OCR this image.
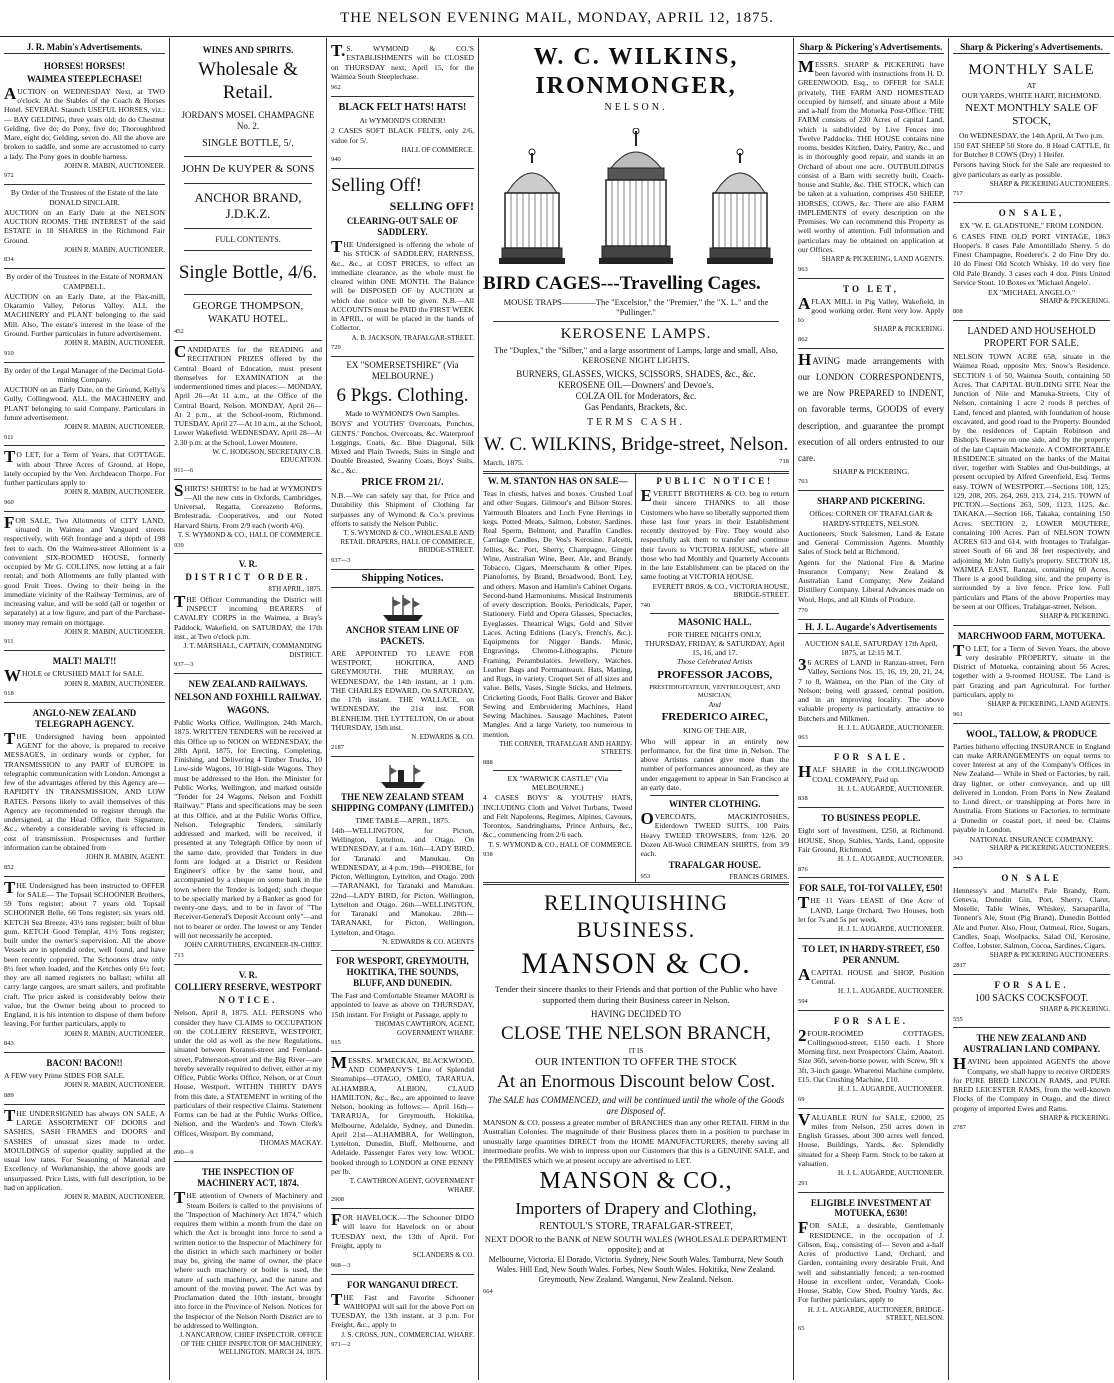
THE NELSON EVENING MAIL, MONDAY, APRIL 12, 1875.
J. R. Mabin's Advertisements.
HORSES! HORSES!
WAIMEA STEEPLECHASE!

AUCTION on WEDNESDAY Next, at TWO o'clock. At the Stables of the Coach & Horses Hotel. SEVERAL Staunch USEFUL HORSES, viz.:— BAY GELDING, three years old; do do Chestnut Gelding, five do; do Pony, five do; Thoroughbred Mare, eight do; Gelding, seven do. All the above are broken to saddle, and some are accustomed to carry a lady. The Pony goes in double harness.

JOHN R. MABIN, AUCTIONEER.
972
By Order of the Trustees of the Estate of the late DONALD SINCLAIR.

AUCTION on an Early Date at the NELSON AUCTION ROOMS. THE INTEREST of the said ESTATE in 18 SHARES in the Richmond Fair Ground.

JOHN R. MABIN, AUCTIONEER.
834
By order of the Trustees in the Estate of NORMAN CAMPBELL.

AUCTION on an Early Date, at the Flax-mill, Okaramio Valley, Pelorus Valley. ALL the MACHINERY and PLANT belonging to the said Mill. Also, The estate's interest in the lease of the Ground. Further particulars in future advertisement.

JOHN R. MABIN, AUCTIONEER.
910
By order of the Legal Manager of the Decimal Gold-mining Company.

AUCTION on an Early Date, on the Ground, Kelly's Gully, Collingwood. ALL the MACHINERY and PLANT belonging to said Company. Particulars in future advertisement.

JOHN R. MABIN, AUCTIONEER.
911

TO LET, for a Term of Years, that COTTAGE, with about Three Acres of Ground, at Hope, lately occupied by the Ven. Archdeacon Thorpe. For further particulars apply to

JOHN R. MABIN, AUCTIONEER.
960

FOR SALE, Two Allotments of CITY LAND, situated in Waimea and Vanguard streets respectively, with 66ft frontage and a depth of 198 feet to each. On the Waimea-street Allotment is a convenient SIX-ROOMED HOUSE, formerly occupied by Mr G. COLLINS, now letting at a fair rental; and both Allotments are fully planted with good Fruit Trees. Owing to their being in the immediate vicinity of the Railway Terminus, are of increasing value, and will be sold (all or together or separately) at a low figure, and part of the Purchase-money may remain on mortgage.

JOHN R. MABIN, AUCTIONEER.
911
MALT! MALT!!

WHOLE or CRUSHED MALT for SALE.

JOHN R. MABIN, AUCTIONEER.
918
ANGLO-NEW ZEALAND TELEGRAPH AGENCY.

THE Undersigned having been appointed AGENT for the above, is prepared to receive MESSAGES, in ordinary words or cypher, for TRANSMISSION to any PART of EUROPE in telegraphic communication with London. Amongst a few of the advantages offered by this Agency are— RAPIDITY IN TRANSMISSION, AND LOW RATES. Persons likely to avail themselves of this Agency are recommended to register through the undersigned, at the Head Office, their Signature, &c., whereby a considerable saving is effected in cost of transmission. Prospectuses and further information can be obtained from

JOHN R. MABIN, AGENT.
852

THE Undersigned has been instructed to OFFER for SALE— The Topsail SCHOONER Brothers, 59 Tons register; about 7 years old. Topsail SCHOONER Belle, 66 Tons register; six years old. KETCH Sea Breeze, 43½ tons register; built of blue gum. KETCH Good Templar, 41½ Tons register; built under the owner's supervision. All the above Vessels are in splendid order, well found, and have been recently coppered. The Schooners draw only 8½ feet when loaded, and the Ketches only 6½ feet; they are all named registers no ballast; whilst all carry large cargoes, are smart sailers, and profitable craft. The price asked is considerably below their value, but the Owner being about to proceed to England, it is his intention to dispose of them before leaving. For further particulars, apply to

JOHN R. MABIN, AUCTIONEER.
843
BACON! BACON!!

A FEW very Prime SIDES FOR SALE.

JOHN R. MABIN, AUCTIONEER.
889

THE UNDERSIGNED has always ON SALE, A LARGE ASSORTMENT OF DOORS and SASHES, SASH FRAMES and DOORS and SASHES of unusual sizes made to order. MOULDINGS of superior quality supplied at the usual low rates. For Seasoning of Material and Excellency of Workmanship, the above goods are unsurpassed. Price Lists, with full description, to be had on application.

JOHN R. MABIN, AUCTIONEER.
WINES AND SPIRITS.
Wholesale & Retail.
JORDAN'S MOSEL CHAMPAGNE No. 2.
SINGLE BOTTLE, 5/.
JOHN De KUYPER & SONS
ANCHOR BRAND, J.D.K.Z.
FULL CONTENTS.
Single Bottle, 4/6.
GEORGE THOMPSON,
WAKATU HOTEL.
452

CANDIDATES for the READING and RECITATION PRIZES offered by the Central Board of Education, must present themselves for EXAMINATION at the undermentioned times and places:— MONDAY, April 26—At 11 a.m., at the Office of the Central Board, Nelson. MONDAY, April 26—At 2 p.m., at the School-room, Richmond. TUESDAY, April 27—At 10 a.m., at the School, Lower Wakefield. WEDNESDAY, April 28—At 2.30 p.m. at the School, Lower Moutere.

W. C. HODGSON, SECRETARY C.B. EDUCATION.
911—6

SHIRTS! SHIRTS! to be had at WYMOND'S—All the new cuts in Oxfords, Cambridges, Universal, Regatta, Coreazeno Reforms, Brolestrada, Cooperatives, and our Noted Harvard Shirts. From 2/9 each (worth 4/6).

T. S. WYMOND & CO., HALL OF COMMERCE.
939
V. R.
DISTRICT ORDER.
8TH APRIL, 1875.

THE Officer Commanding the District will INSPECT incoming BEARERS of CAVALRY CORPS in the Waimea, a Bray's Paddock, Wakefield, on SATURDAY, the 17th inst., at Two o'clock p.m.

J. T. MARSHALL, CAPTAIN, COMMANDING DISTRICT.
937—3
NEW ZEALAND RAILWAYS.
NELSON AND FOXHILL RAILWAY.
WAGONS.

Public Works Office, Wellington, 24th March, 1875. WRITTEN TENDERS will be received at this Office up to NOON on WEDNESDAY, the 28th April, 1875, for Erecting, Completing, Finishing, and Delivering 4 Timber Trucks, 10 Low-side Wagons, 10 High-side Wagons. They must be addressed to the Hon. the Minister for Public Works, Wellington, and marked outside "Tender for 24 Wagons, Nelson and Foxhill Railway." Plans and specifications may be seen at this Office, and at the Public Works Office, Nelson. Telegraphic Tenders, similarly addressed and marked, will be received, if presented at any Telegraph Office by noon of the same date, provided that Tenders in due form are lodged at a District or Resident Engineer's office by the same hour, and accompanied by a cheque on some bank in the town where the Tender is lodged; such cheque to be specially marked by a Banker as good for twenty-one days, and to be in favor of "The Receiver-General's Deposit Account only"—and not to bearer or order. The lowest or any Tender will not necessarily be accepted.

JOHN CARRUTHERS, ENGINEER-IN-CHIEF.
713
V. R.
COLLIERY RESERVE, WESTPORT
NOTICE.

Nelson, April 8, 1875. ALL PERSONS who consider they have CLAIMS to OCCUPATION on the COLLIERY RESERVE, WESTPORT, under the old as well as the new Regulations, situated between Koranui-street and Fernland-street, Palmerston-street and the Big River—are hereby severally required to deliver, either at my Office, Public Works Office, Nelson, or at Court House, Westport, WITHIN THIRTY DAYS from this date, a STATEMENT in writing of the particulars of their respective Claims. Statement Forms can be had at the Public Works Office, Nelson, and the Warden's and Town Clerk's Offices, Westport. By command,

THOMAS MACKAY.
890—9
THE INSPECTION OF MACHINERY ACT, 1874.

THE attention of Owners of Machinery and Steam Boilers is called to the provisions of the "Inspection of Machinery Act 1874," which requires them within a month from the date on which the Act is brought into force to send a written notice to the Inspector of Machinery for the district in which such machinery or boiler may be, giving the name of owner, the place where such machinery or boiler is used, the nature of such machinery, and the nature and amount of the moving power. The Act was by Proclamation dated the 10th instant, brought into force in the Province of Nelson. Notices for the Inspector of the Nelson North District are to be addressed to Wellington.

J. NANCARROW, CHIEF INSPECTOR. OFFICE OF THE CHIEF INSPECTOR OF MACHINERY, WELLINGTON, MARCH 24, 1875.

T.S. WYMOND & CO.'S ESTABLISHMENTS will be CLOSED on THURSDAY next, April 15, for the Waimea South Steeplechase.

962
BLACK FELT HATS! HATS!
At WYMOND'S CORNER!

2 CASES SOFT BLACK FELTS, only 2/6, value for 5/.

HALL OF COMMERCE.
940
Selling Off!
SELLING OFF!
CLEARING-OUT SALE OF SADDLERY.

THE Undersigned is offering the whole of his STOCK of SADDLERY, HARNESS, &c., &c., at COST PRICES, to effect an immediate clearance, as the whole must be cleared within ONE MONTH. The Balance will be DISPOSED OF by AUCTION at which due notice will be given. N.B.—All ACCOUNTS must be PAID the FIRST WEEK in APRIL, or will be placed in the hands of Collector.

A. B. JACKSON, TRAFALGAR-STREET.
729
EX "SOMERSETSHIRE" (Via MELBOURNE.)
6 Pkgs. Clothing.
Made to WYMOND'S Own Samples.

BOYS' and YOUTHS' Overcoats, Ponchos, GENTS.' Ponchos, Overcoats, &c. Waterproof Leggings, Coats, &c. Blue Diagonal, Silk Mixed and Plain Tweeds, Suits in Single and Double Breasted, Swanny Coats, Boys' Suits, &c., &c.

PRICE FROM 21/.

N.B.—We can safely say that, for Price and Durability this Shipment of Clothing far surpasses any of Wymond & Co.'s previous efforts to satisfy the Nelson Public.

T. S. WYMOND & CO., WHOLESALE AND RETAIL DRAPERS, HALL OF COMMERCE, BRIDGE-STREET.
937—3
Shipping Notices.
ANCHOR STEAM LINE OF PACKETS.

ARE APPOINTED TO LEAVE FOR WESTPORT, HOKITIKA, AND GREYMOUTH. THE MURRAY, on WEDNESDAY, the 14th instant, at 1 p.m. THE CHARLES EDWARD, On SATURDAY, the 17th instant. THE WALLACE, on WEDNESDAY, the 21st inst. FOR BLENHEIM. THE LYTTELTON, On or about THURSDAY, 15th inst.

N. EDWARDS & CO.
2187
THE NEW ZEALAND STEAM SHIPPING COMPANY (LIMITED.)
TIME TABLE—APRIL, 1875.

14th—WELLINGTON, for Picton, Wellington, Lyttelton, and Otago. On WEDNESDAY, at 1 a.m. 16th—LADY BIRD, for Taranaki and Manukau. On WEDNESDAY, at 4 p.m. 19th—PHOEBE, for Picton, Wellington, Lyttelton, and Otago. 20th—TARANAKI, for Taranaki and Manukau. 22nd—LADY BIRD, for Picton, Wellington, Lyttelton and Otago. 26th—WELLINGTON, for Taranaki and Manukau. 28th—TARANAKI, for Picton, Wellington, Lyttelton, and Otago.

N. EDWARDS & CO. AGENTS
FOR WESPORT, GREYMOUTH, HOKITIKA, THE SOUNDS, BLUFF, AND DUNEDIN.

The Fast and Comfortable Steamer MAORI is appointed to leave as above on THURSDAY, 15th instant. For Freight or Passage, apply to

THOMAS CAWTHRON, AGENT, GOVERNMENT WHARF.
915

MESSRS. M'MECKAN, BLACKWOOD, AND COMPANY'S Line of Splendid Steamships—OTAGO, OMEO, TARARUA, ALHAMBRA, ALBION, CLAUD HAMILTON, &c., &c., are appointed to leave Nelson, booking as follows:— April 16th—TARARUA, for Greymouth, Hokitika, Melbourne, Adelaide, Sydney, and Dunedin. April 21st—ALHAMBRA, for Wellington, Lyttelton, Dunedin, Bluff, Melbourne, and Adelaide. Passenger Fares very low. WOOL booked through to LONDON at ONE PENNY per lb.

T. CAWTHRON AGENT, GOVERNMENT WHARF.
2908

FOR HAVELOCK.—The Schooner DIDO will leave for Havelock on or about TUESDAY next, the 13th of April. For Freight, apply to

SCLANDERS & CO.
968—3
FOR WANGANUI DIRECT.

THE Fast and Favorite Schooner WAIHOPAI will sail for the above Port on TUESDAY, the 13th instant, at 3 p.m. For Freight, &c., apply to

J. S. CROSS, JUN., COMMERCIAL WHARF.
971—2
W. C. WILKINS, IRONMONGER,
NELSON.
BIRD CAGES---Travelling Cages.
MOUSE TRAPS————The "Excelsior," the "Premier," the "X. L." and the "Pullinger."
KEROSENE LAMPS.
The "Duplex," the "Silber," and a large assortment of Lamps, large and small, Also, KEROSENE NIGHT LIGHTS.
BURNERS, GLASSES, WICKS, SCISSORS, SHADES, &c., &c.
KEROSENE OIL—Downers' and Devoe's.
COLZA OIL for Moderators, &c.
Gas Pendants, Brackets, &c.
TERMS CASH.
W. C. WILKINS, Bridge-street, Nelson.
March, 1875.	718
W. M. STANTON HAS ON SALE—

Teas in chests, halves and boxes. Crushed Loaf and other Sugars. Gilmour's and Bilson Stores. Yarmouth Bloaters and Loch Fyne Herrings in kegs. Potted Meats, Salmon, Lobster, Sardines. Real Sperm, Belmont, and Paraffin Candles. Carriage Candles, De Vos's Kerosine. Falcetti, Jellies, &c. Port, Sherry, Champagne, Ginger Wine, Australian Wine, Beer, Ale, and Brandy. Tobacco, Cigars, Meerschaum & other Pipes. Pianofortes, by Brand, Broadwood, Bord, Ley, and others. Mason and Hamlin's Cabinet Organs. Second-hand Harmoniums. Musical Instruments of every description. Books, Periodicals, Paper, Stationery. Field and Opera Glasses, Spectacles, Eyeglasses. Theatrical Wigs, Gold and Silver Laces. Acting Editions (Lacy's, French's, &c.). Equipments for Nigger Bands. Music, Engravings, Chromo-Lithographs. Picture Framing, Perambulators. Jewellery, Watches. Leather Bags and Portmanteaux. Hats, Matting, and Rugs, in variety. Croquet Set of all sizes and value. Bells, Vases, Single Sticks, and Helmets. Cricketing Goods, Foot Balls. Grover and Baker Sewing and Embroidering Machines, Hand Sewing Machines. Sausage Machines, Patent Mangles. And a large Variety, too numerous to mention.

THE CORNER, TRAFALGAR AND HARDY-STREETS.
888
EX "WARWICK CASTLE" (Via MELBOURNE.)

4 CASES BOYS' & YOUTHS' HATS, INCLUDING Cloth and Velvet Turbans, Tweed and Felt Napoleons, Regimes, Alpines, Cavours, Torontos, Sandringhams, Prince Arthurs, &c., &c., commencing from 2/6 each.

T. S. WYMOND & CO., HALL OF COMMERCE.
938
PUBLIC NOTICE!

EVERETT BROTHERS & CO. beg to return their sincere THANKS to all those Customers who have so liberally supported them these last four years in their Establishment recently destroyed by Fire. They would also respectfully ask them to transfer and continue their favors to VICTORIA HOUSE, where all those who had Monthly and Quarterly Accounts in the late Establishment can be placed on the same footing at VICTORIA HOUSE.

EVERETT BROS. & CO., VICTORIA HOUSE, BRIDGE-STREET.
740
MASONIC HALL.
FOR THREE NIGHTS ONLY,
THURSDAY, FRIDAY, & SATURDAY, April 15, 16, and 17.
Those Celebrated Artists
PROFESSOR JACOBS,
PRESTIDIGITATEUR, VENTRILOQUIST, AND MUSICIAN,
And
FREDERICO AIREC,
KING OF THE AIR,

Who will appear in an entirely new performance, for the first time in Nelson. The above Artistes cannot give more than the number of performances announced, as they are under engagement to appear in San Francisco at an early date.

WINTER CLOTHING.

OVERCOATS, MACKINTOSHES, Eiderdown TWEED SUITS. 100 Pairs Heavy TWEED TROWSERS, from 12/6. 20 Dozen All-Wool CRIMEAN SHIRTS, from 3/9 each.

TRAFALGAR HOUSE.
953	FRANCIS GRIMES.
RELINQUISHING BUSINESS.
MANSON & CO.

Tender their sincere thanks to their Friends and that portion of the Public who have supported them during their Business career in Nelson.

HAVING DECIDED TO
CLOSE THE NELSON BRANCH,
IT IS
OUR INTENTION TO OFFER THE STOCK
At an Enormous Discount below Cost.

The SALE has COMMENCED, and will be continued until the whole of the Goods are Disposed of.

MANSON & CO. possess a greater number of BRANCHES than any other RETAIL FIRM in the Australian Colonies. The magnitude of their Business places them in a position to purchase in unusually large quantities DIRECT from the HOME MANUFACTURERS, thereby saving all intermediate profits. We wish to impress upon our Customers that this is a GENUINE SALE, and the PREMISES which we at present occupy are advertised to LET.

MANSON & CO.,
Importers of Drapery and Clothing,
RENTOUL'S STORE, TRAFALGAR-STREET,
NEXT DOOR to the BANK of NEW SOUTH WALES (WHOLESALE DEPARTMENT opposite); and at

Melbourne, Victoria. El Dorado, Victoria. Sydney, New South Wales. Tamburra, New South Wales. Hill End, New South Wales. Forbes, New South Wales. Hokitika, New Zealand. Greymouth, New Zealand. Wanganui, New Zealand. Nelson.

664
Sharp & Pickering's Advertisements.

MESSRS. SHARP & PICKERING have been favored with instructions from H. D. GREENWOOD, Esq., to OFFER for SALE privately, THE FARM AND HOMESTEAD occupied by himself, and situate about a Mile and a-half from the Motueka Post-Office. THE FARM consists of 230 Acres of capital Land, which is subdivided by Live Fences into Twelve Paddocks. THE HOUSE contains nine rooms, besides Kitchen, Dairy, Pantry, &c., and is in thoroughly good repair, and stands in an Orchard of about one acre. OUTBUILDINGS consist of a Barn with secretly built, Coach-house and Stable, &c. THE STOCK, which can be taken at a valuation, comprises 450 SHEEP, HORSES, COWS, &c. There are also FARM IMPLEMENTS of every description on the Premises. We can recommend this Property as well worthy of attention. Full information and particulars may be obtained on application at our Offices.

SHARP & PICKERING, LAND AGENTS.
963
TO LET,

AFLAX MILL in Pig Valley, Wakefield, in good working order. Rent very low. Apply to

SHARP & PICKERING.
862

HAVING made arrangements with our LONDON CORRESPONDENTS, we are Now PREPARED to INDENT, on favorable terms, GOODS of every description, and guarantee the prompt execution of all orders entrusted to our care.

SHARP & PICKERING.
763
SHARP AND PICKERING.
Offices: CORNER OF TRAFALGAR & HARDY-STREETS, NELSON.

Auctioneers, Stock Salesmen, Land & Estate and General Commission Agents. Monthly Sales of Stock held at Richmond.

Agents for the National Fire & Marine Insurance Company; New Zealand & Australian Land Company; New Zealand Distillery Company. Liberal Advances made on Wool, Hops, and all Kinds of Produce.

770
H. J. L. Augarde's Advertisements
AUCTION SALE, SATURDAY 17th April, 1875, at 12:15 M.T.

36 ACRES of LAND in Ranzau-street, Fern Valley, Sections Nos. 15, 16, 19, 20, 21, 24, 7 to 8, Waimea, on the Plan of the City of Nelson; being well grassed, central position, and in an improving locality. The above valuable property is particularly attractive to Butchers and Milkmen.

H. J. L. AUGARDE, AUCTIONEER.
963
FOR SALE.

HALF SHARE in the COLLINGWOOD COAL COMPANY, Paid up.

H. J. L. AUGARDE, AUCTIONEER.
838
TO BUSINESS PEOPLE.

Eight sort of Investment, £250, at Richmond. HOUSE, Shop, Stables, Yards, Land, opposite Fair Ground, Richmond.

H. J. L. AUGARDE, AUCTIONEER.
876
FOR SALE, TOI-TOI VALLEY, £50!

THE 11 Years LEASE of One Acre of LAND, Large Orchard, Two Houses, both let for 7s and 5s per week.

H. J. L. AUGARDE, AUCTIONEER.
TO LET, IN HARDY-STREET, £50 PER ANNUM.

ACAPITAL HOUSE and SHOP, Position Central.

H. J. L. AUGARDE, AUCTIONEER.
594
FOR SALE.

2FOUR-ROOMED COTTAGES, Collingwood-street, £150 each. 1 Shore Morning first, next Prospectors' Claim, Anatori. Size 36ft, seven-horse power, with Screw, 9ft x 3ft, 3-inch gauge. Wharenui Machine complete, £15. Oat Crushing Machine, £10.

H. J. L. AUGARDE, AUCTIONEER.
69

VALUABLE RUN for SALE, £2000, 25 miles from Nelson, 250 acres down in English Grasses, about 300 acres well fenced, House, Buildings, Yards, &c. Splendidly situated for a Sheep Farm. Stock to be taken at valuation.

H. J. L. AUGARDE, AUCTIONEER.
291
ELIGIBLE INVESTMENT AT MOTUEKA, £630!

FOR SALE, a desirable, Gentlemanly RESIDENCE, in the occupation of J. Gibson, Esq., consisting of— Seven and a-half Acres of productive Land, Orchard, and Garden, containing every desirable Fruit, And well and substantially fenced; a ten-roomed House in excellent order, Verandah, Cook-House, Stable, Cow Shed, Poultry Yards, &c. For further particulars, apply to

H. J. L. AUGARDE, AUCTIONEER, BRIDGE-STREET, NELSON.
65
Sharp & Pickering's Advertisements.
MONTHLY SALE
AT
OUR YARDS, WHITE HART, RICHMOND.
NEXT MONTHLY SALE OF STOCK,
On WEDNESDAY, the 14th April, At Two p.m.

150 FAT SHEEP 50 Store do. 8 Head CATTLE, fit for Butcher 8 COWS (Dry) 1 Heifer.

Persons having Stock for the Sale are requested to give particulars as early as possible.

SHARP & PICKERING AUCTIONEERS.
717
ON SALE,
EX "W. E. GLADSTONE," FROM LONDON.

6 CASES FINE OLD PORT VINTAGE, 1863 Hooper's. 8 cases Pale Amontillado Sherry. 5 do Finest Champagne, Roederer's. 2 do Fine Dry do. 10 do Finest Old Scotch Whisky. 10 do very fine Old Pale Brandy. 3 cases each 4 doz. Pints United Service Stout. 10 Boxes ex 'Michael Angelo'.

EX "MICHAEL ANGELO."
SHARP & PICKERING.
808
LANDED AND HOUSEHOLD PROPERT FOR SALE.

NELSON TOWN ACRE 658, situate in the Waimea Road, opposite Mrs. Snow's Residence. SECTION 1 of 50, Waimea South, containing 50 Acres. That CAPITAL BUILDING SITE Near the Junction of Nile and Manuka-Streets, City of Nelson, containing 1 acre 2 roods 8 perches of Land, fenced and planted, with foundation of house excavated, and good road to the Property. Bounded by the residences of Captain Robinson and Bishop's Reserve on one side, and by the property of the late Captain Mackenzie. A COMFORTABLE RESIDENCE situated on the banks of the Maitai river, together with Stables and Out-buildings, at present occupied by Alfred Greenfield, Esq. Terms easy. TOWN of WESTPORT.—Sections 108, 125, 129, 208, 205, 264, 269, 213, 214, 215. TOWN of PICTON.—Sections 263, 509, 1123, 1125, &c. TAKAKA.—Section 166, Takaka, containing 150 Acres. SECTION 2, LOWER MOUTERE, containing 100 Acres. Part of NELSON TOWN ACRES 613 and 614, with frontages to Trafalgar-street South of 66 and 38 feet respectively, and adjoining Mr John Gully's property. SECTION 18, WAIMEA EAST, Ranzau, containing 60 Acres. There is a good building site, and the property is surrounded by a live fence. Price low. Full particulars and Plans of the above Properties may be seen at our Offices, Trafalgar-street, Nelson.

SHARP & PICKERING.
MARCHWOOD FARM, MOTUEKA.

TO LET, for a Term of Seven Years, the above very desirable PROPERTY, situate in the District of Motueka, containing about 56 Acres, together with a 9-roomed HOUSE. The Land is part Grazing and part Agricultural. For further particulars, apply to

SHARP & PICKERING, LAND AGENTS.
961
WOOL, TALLOW, & PRODUCE

Parties hitherto effecting INSURANCE in England can make ARRANGEMENTS on equal terms to cover Interest at any of the Company's Offices in New Zealand— While in Shed or Factories, by rail, dray lighter, or other conveyance, and up till delivered in London. From Ports in New Zealand to Lond direct, or transhipping at Ports here in Australia. From Stations or Factories, to terminate a Dunedin or coastal port, if need be. Claims payable in London.

NATIONAL INSURANCE COMPANY.
SHARP & PICKERING AUCTIONEERS.
343
ON SALE

Hennessy's and Martell's Pale Brandy, Rum, Geneva, Dunedin Gin, Port, Sherry, Claret, Moselle, Table Wines, Whiskey, Sarsaparilla, Tennent's Ale, Stout (Pig Brand), Dunedin Bottled Ale and Porter. Also, Flour, Oatmeal, Rice, Sugars, Candles, Soap, Woolpacks, Salad Oil, Kerosine, Coffee, Lobster, Salmon, Cocoa, Sardines, Cigars.

SHARP & PICKERING AUCTIONEERS.
2817
FOR SALE.
100 SACKS COCKSFOOT.
SHARP & PICKERING.
555
THE NEW ZEALAND AND AUSTRALIAN LAND COMPANY.

HAVING been appointed AGENTS the above Company, we shall happy to receive ORDERS for PURE BRED LINCOLN RAMS, and PURE BRED LEICESTER RAMS, from the well-known Flocks of the Company in Otago, and the direct progeny of imported Ewes and Rams.

SHARP & PICKERING.
2787
